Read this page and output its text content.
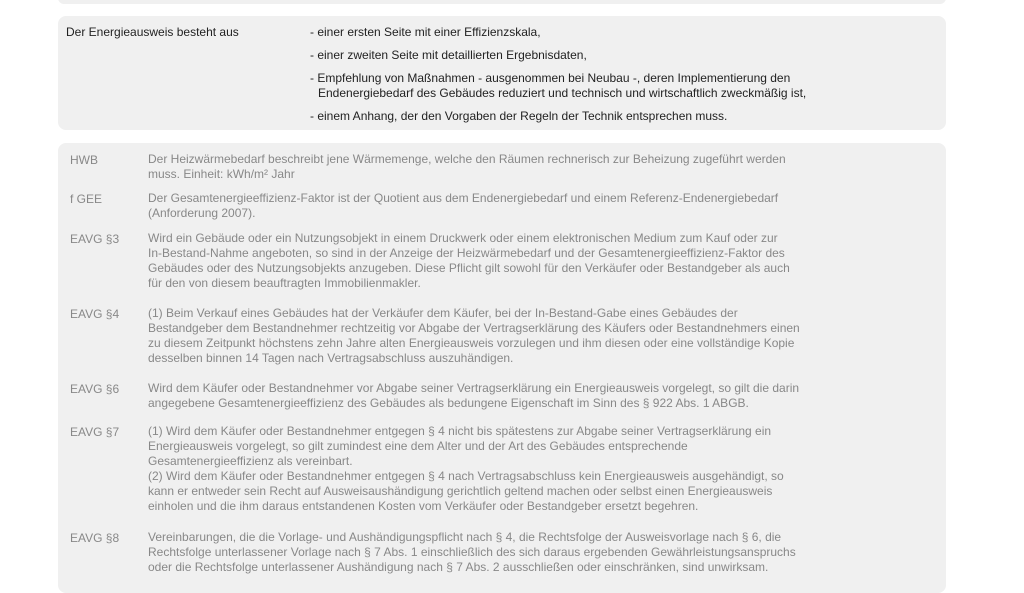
Der Energieausweis besteht aus	- einer ersten Seite mit einer Effizienzskala,
- einer zweiten Seite mit detaillierten Ergebnisdaten,
- Empfehlung von Maßnahmen - ausgenommen bei Neubau -, deren Implementierung den
Endenergiebedarf des Gebäudes reduziert und technisch und wirtschaftlich zweckmäßig ist,
- einem Anhang, der den Vorgaben der Regeln der Technik entsprechen muss.
HWB	Der Heizwärmebedarf beschreibt jene Wärmemenge, welche den Räumen rechnerisch zur Beheizung zugeführt werden
muss. Einheit: kWh/m² Jahr
f GEE	Der Gesamtenergieeffizienz-Faktor ist der Quotient aus dem Endenergiebedarf und einem Referenz-Endenergiebedarf
(Anforderung 2007).
EAVG §3	Wird ein Gebäude oder ein Nutzungsobjekt in einem Druckwerk oder einem elektronischen Medium zum Kauf oder zur
In-Bestand-Nahme angeboten, so sind in der Anzeige der Heizwärmebedarf und der Gesamtenergieeffizienz-Faktor des
Gebäudes oder des Nutzungsobjekts anzugeben. Diese Pflicht gilt sowohl für den Verkäufer oder Bestandgeber als auch
für den von diesem beauftragten Immobilienmakler.
EAVG §4	(1) Beim Verkauf eines Gebäudes hat der Verkäufer dem Käufer, bei der In-Bestand-Gabe eines Gebäudes der
Bestandgeber dem Bestandnehmer rechtzeitig vor Abgabe der Vertragserklärung des Käufers oder Bestandnehmers einen
zu diesem Zeitpunkt höchstens zehn Jahre alten Energieausweis vorzulegen und ihm diesen oder eine vollständige Kopie
desselben binnen 14 Tagen nach Vertragsabschluss auszuhändigen.
EAVG §6	Wird dem Käufer oder Bestandnehmer vor Abgabe seiner Vertragserklärung ein Energieausweis vorgelegt, so gilt die darin
angegebene Gesamtenergieeffizienz des Gebäudes als bedungene Eigenschaft im Sinn des § 922 Abs. 1 ABGB.
EAVG §7	(1) Wird dem Käufer oder Bestandnehmer entgegen § 4 nicht bis spätestens zur Abgabe seiner Vertragserklärung ein
Energieausweis vorgelegt, so gilt zumindest eine dem Alter und der Art des Gebäudes entsprechende
Gesamtenergieeffizienz als vereinbart.
(2) Wird dem Käufer oder Bestandnehmer entgegen § 4 nach Vertragsabschluss kein Energieausweis ausgehändigt, so
kann er entweder sein Recht auf Ausweisaushändigung gerichtlich geltend machen oder selbst einen Energieausweis
einholen und die ihm daraus entstandenen Kosten vom Verkäufer oder Bestandgeber ersetzt begehren.
EAVG §8	Vereinbarungen, die die Vorlage- und Aushändigungspflicht nach § 4, die Rechtsfolge der Ausweisvorlage nach § 6, die
Rechtsfolge unterlassener Vorlage nach § 7 Abs. 1 einschließlich des sich daraus ergebenden Gewährleistungsanspruchs
oder die Rechtsfolge unterlassener Aushändigung nach § 7 Abs. 2 ausschließen oder einschränken, sind unwirksam.
